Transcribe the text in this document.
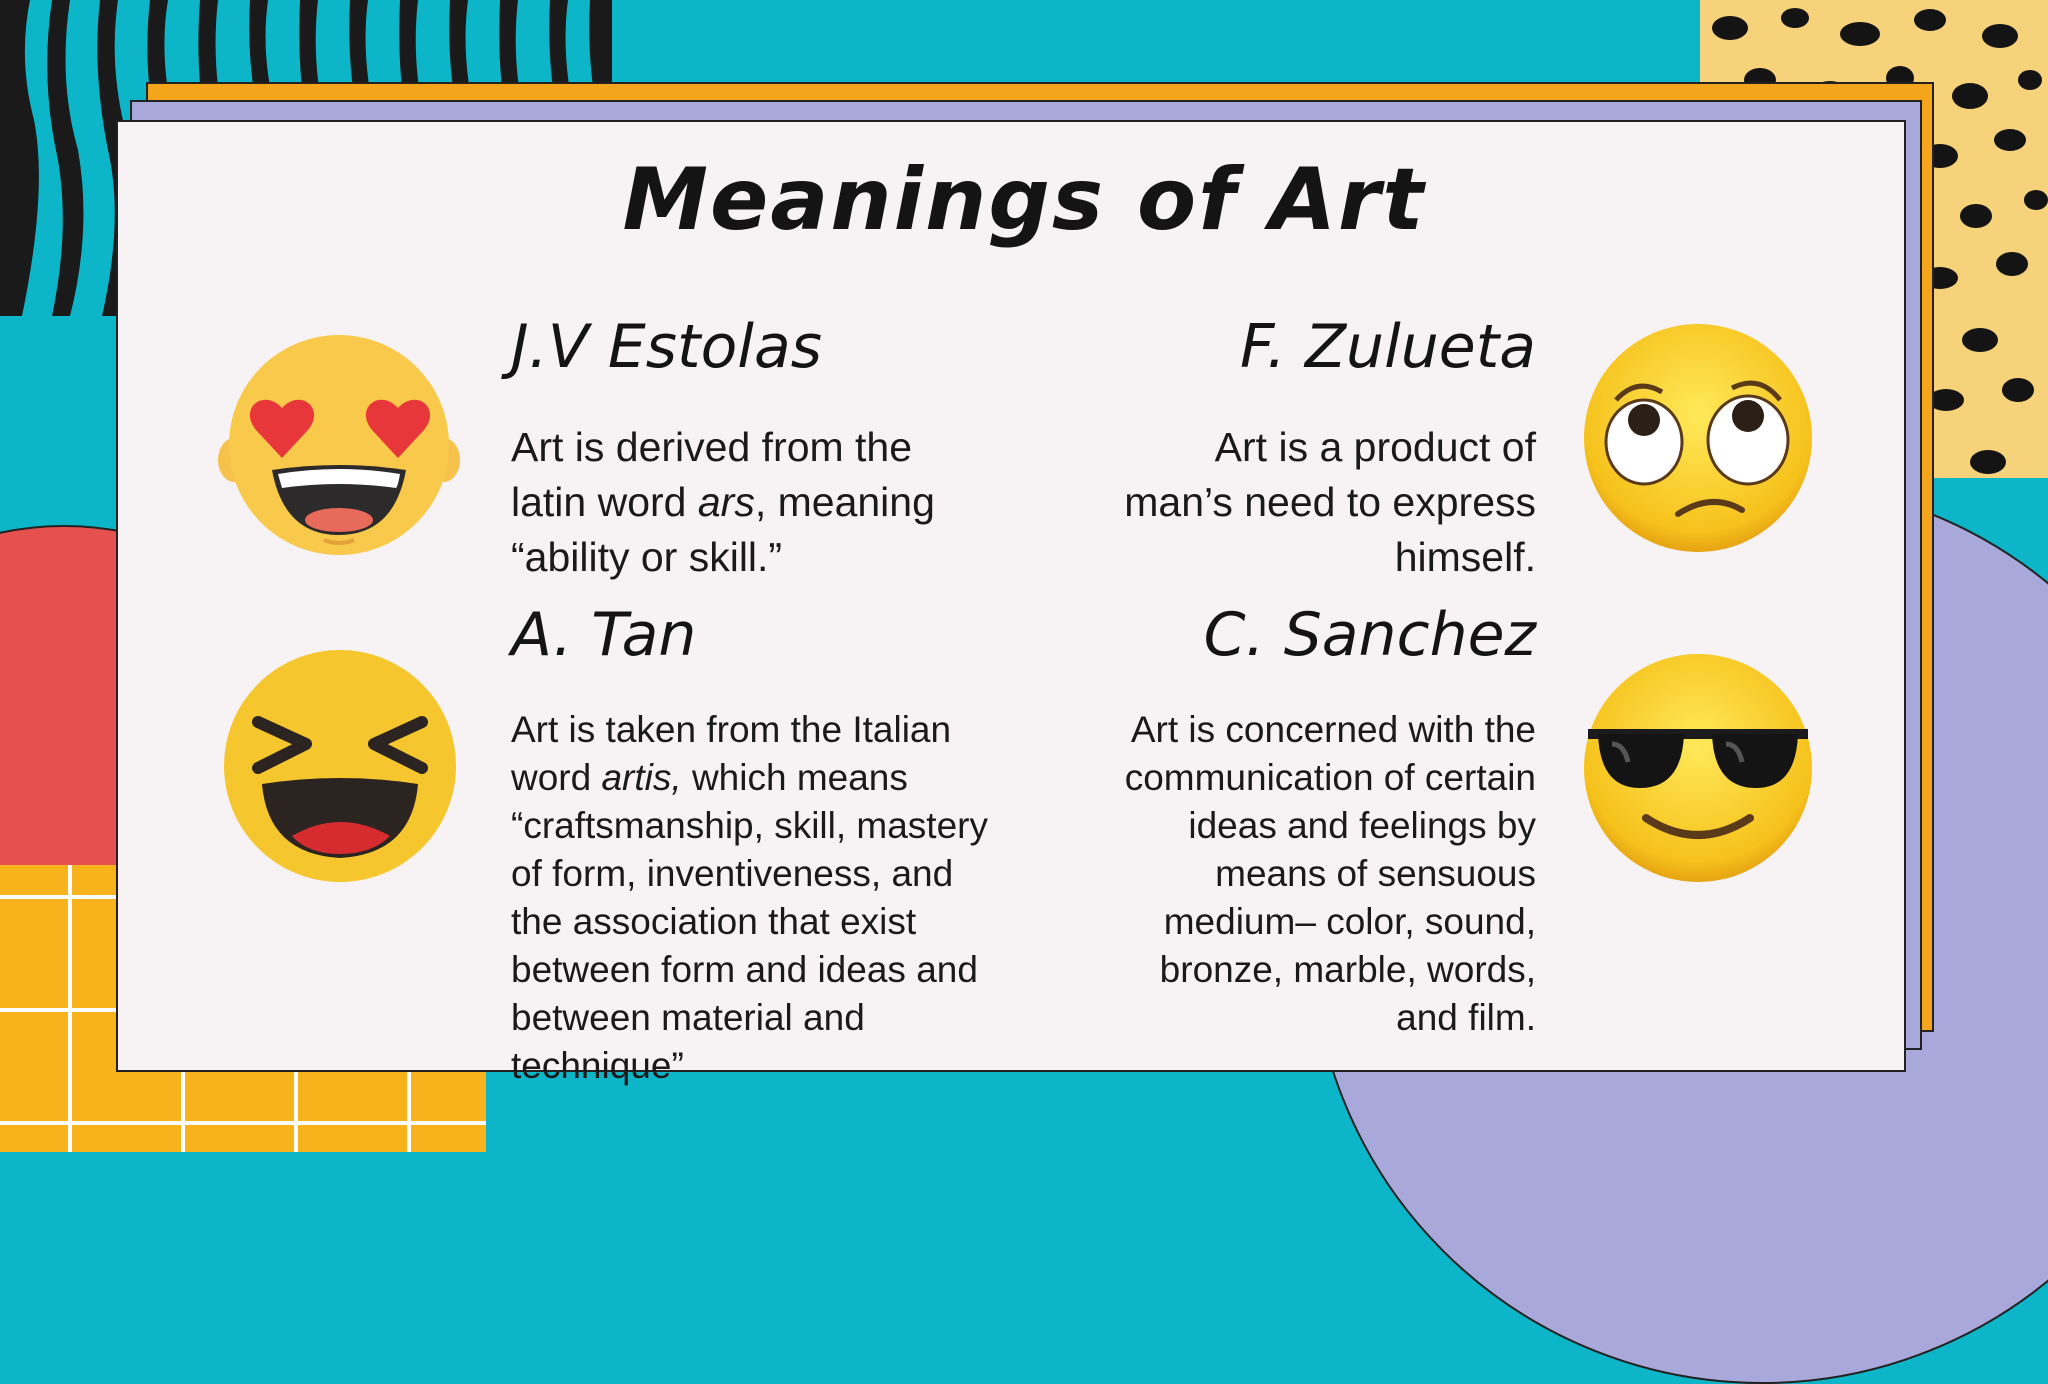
Meanings of Art
J.V Estolas
Art is derived from the
latin word ars, meaning
“ability or skill.”
F. Zulueta
Art is a product of
man’s need to express
himself.
A. Tan
Art is taken from the Italian
word artis, which means
“craftsmanship, skill, mastery
of form, inventiveness, and
the association that exist
between form and ideas and
between material and
technique”
C. Sanchez
Art is concerned with the
communication of certain
ideas and feelings by
means of sensuous
medium– color, sound,
bronze, marble, words,
and film.
